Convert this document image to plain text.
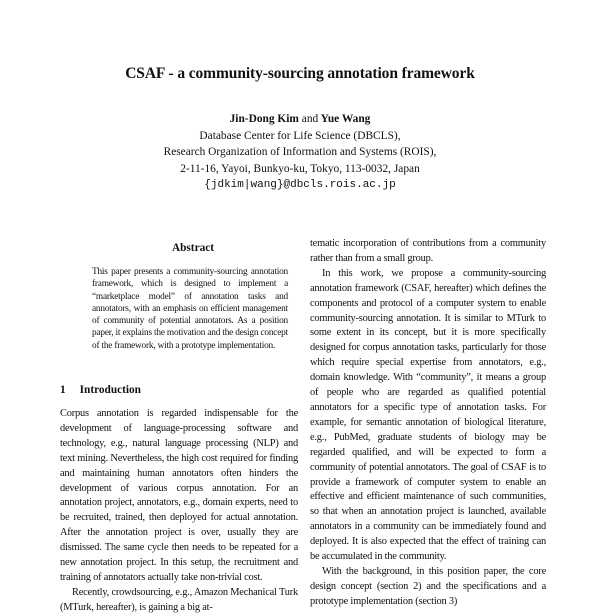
CSAF - a community-sourcing annotation framework
Jin-Dong Kim and Yue Wang
Database Center for Life Science (DBCLS),
Research Organization of Information and Systems (ROIS),
2-11-16, Yayoi, Bunkyo-ku, Tokyo, 113-0032, Japan
{jdkim|wang}@dbcls.rois.ac.jp
Abstract
This paper presents a community-sourcing annotation framework, which is designed to implement a “marketplace model” of annotation tasks and annotators, with an emphasis on efficient management of community of potential annotators. As a position paper, it explains the motivation and the design concept of the framework, with a prototype implementation.
1 Introduction

Corpus annotation is regarded indispensable for the development of language-processing software and technology, e.g., natural language processing (NLP) and text mining. Nevertheless, the high cost required for finding and maintaining human annotators often hinders the development of various corpus annotation. For an annotation project, annotators, e.g., domain experts, need to be recruited, trained, then deployed for actual annotation. After the annotation project is over, usually they are dismissed. The same cycle then needs to be repeated for a new annotation project. In this setup, the recruitment and training of annotators actually take non-trivial cost.

Recently, crowdsourcing, e.g., Amazon Mechanical Turk (MTurk, hereafter), is gaining a big at-

tematic incorporation of contributions from a community rather than from a small group.

In this work, we propose a community-sourcing annotation framework (CSAF, hereafter) which defines the components and protocol of a computer system to enable community-sourcing annotation. It is similar to MTurk to some extent in its concept, but it is more specifically designed for corpus annotation tasks, particularly for those which require special expertise from annotators, e.g., domain knowledge. With “community”, it means a group of people who are regarded as qualified potential annotators for a specific type of annotation tasks. For example, for semantic annotation of biological literature, e.g., PubMed, graduate students of biology may be regarded qualified, and will be expected to form a community of potential annotators. The goal of CSAF is to provide a framework of computer system to enable an effective and efficient maintenance of such communities, so that when an annotation project is launched, available annotators in a community can be immediately found and deployed. It is also expected that the effect of training can be accumulated in the community.

With the background, in this position paper, the core design concept (section 2) and the specifications and a prototype implementation (section 3)
